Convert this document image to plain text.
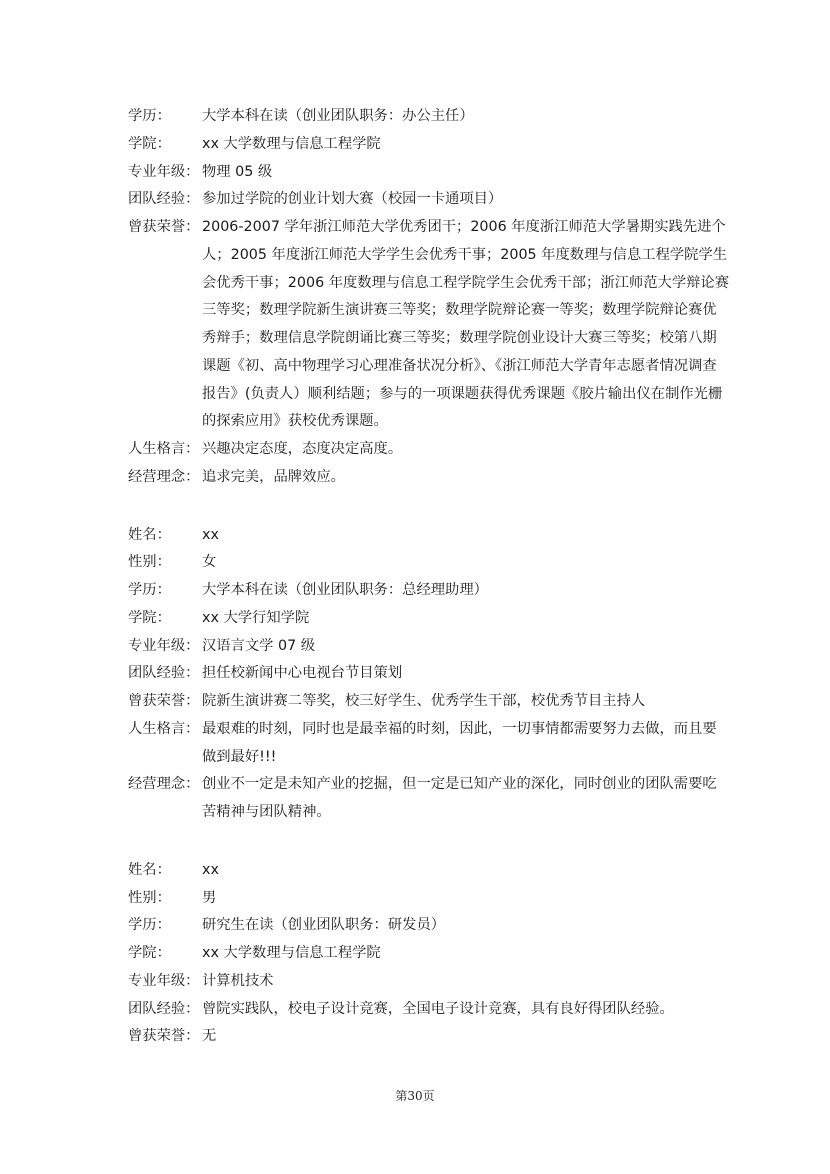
学历：	大学本科在读（创业团队职务：办公主任）
学院：	xx 大学数理与信息工程学院
专业年级： 物理 05 级
团队经验： 参加过学院的创业计划大赛（校园一卡通项目）
曾获荣誉： 2006-2007 学年浙江师范大学优秀团干；2006 年度浙江师范大学暑期实践先进个
人；2005 年度浙江师范大学学生会优秀干事；2005 年度数理与信息工程学院学生
会优秀干事；2006 年度数理与信息工程学院学生会优秀干部；浙江师范大学辩论赛
三等奖；数理学院新生演讲赛三等奖；数理学院辩论赛一等奖；数理学院辩论赛优
秀辩手；数理信息学院朗诵比赛三等奖；数理学院创业设计大赛三等奖；校第八期
课题《初、高中物理学习心理准备状况分析》、《浙江师范大学青年志愿者情况调查
报告》(负责人）顺利结题；参与的一项课题获得优秀课题《胶片输出仪在制作光栅
的探索应用》获校优秀课题。
人生格言： 兴趣决定态度，态度决定高度。
经营理念： 追求完美，品牌效应。
姓名：	xx
性别：	女
学历：	大学本科在读（创业团队职务：总经理助理）
学院：	xx 大学行知学院
专业年级： 汉语言文学 07 级
团队经验： 担任校新闻中心电视台节目策划
曾获荣誉： 院新生演讲赛二等奖，校三好学生、优秀学生干部，校优秀节目主持人
人生格言： 最艰难的时刻，同时也是最幸福的时刻，因此，一切事情都需要努力去做，而且要
做到最好!!!
经营理念： 创业不一定是未知产业的挖掘，但一定是已知产业的深化，同时创业的团队需要吃
苦精神与团队精神。
姓名：	xx
性别：	男
学历：	研究生在读（创业团队职务：研发员）
学院：	xx 大学数理与信息工程学院
专业年级： 计算机技术
团队经验： 曾院实践队，校电子设计竞赛，全国电子设计竞赛，具有良好得团队经验。
曾获荣誉： 无
第30页
